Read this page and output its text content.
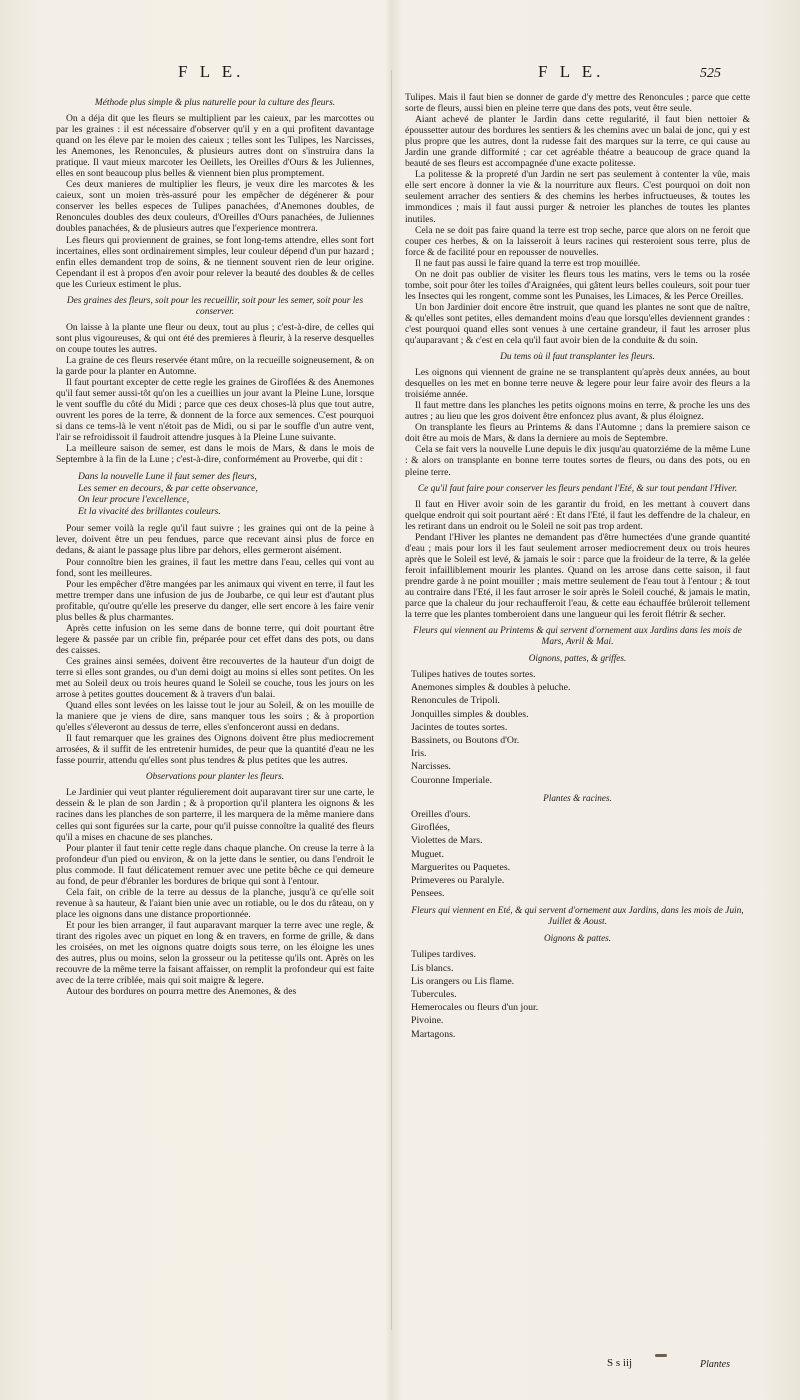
F L E.	F L E.	525
Méthode plus simple & plus naturelle pour la culture des fleurs.

On a déja dit que les fleurs se multiplient par les caieux, par les marcottes ou par les graines : il est nécessaire d'observer qu'il y en a qui profitent davantage quand on les éleve par le moien des caieux ; telles sont les Tulipes, les Narcisses, les Anemones, les Renoncules, & plusieurs autres dont on s'instruira dans la pratique. Il vaut mieux marcoter les Oeillets, les Oreilles d'Ours & les Juliennes, elles en sont beaucoup plus belles & viennent bien plus promptement.

Ces deux manieres de multiplier les fleurs, je veux dire les marcotes & les caieux, sont un moien très-assuré pour les empêcher de dégénerer & pour conserver les belles especes de Tulipes panachées, d'Anemones doubles, de Renoncules doubles des deux couleurs, d'Oreilles d'Ours panachées, de Juliennes doubles panachées, & de plusieurs autres que l'experience montrera.

Les fleurs qui proviennent de graines, se font long-tems attendre, elles sont fort incertaines, elles sont ordinairement simples, leur couleur dépend d'un pur hazard ; enfin elles demandent trop de soins, & ne tiennent souvent rien de leur origine. Cependant il est à propos d'en avoir pour relever la beauté des doubles & de celles que les Curieux estiment le plus.

Des graines des fleurs, soit pour les recueillir, soit pour les semer, soit pour les conserver.

On laisse à la plante une fleur ou deux, tout au plus ; c'est-à-dire, de celles qui sont plus vigoureuses, & qui ont été des premieres à fleurir, à la reserve desquelles on coupe toutes les autres.

La graine de ces fleurs reservée étant mûre, on la recueille soigneusement, & on la garde pour la planter en Automne.

Il faut pourtant excepter de cette regle les graines de Giroflées & des Anemones qu'il faut semer aussi-tôt qu'on les a cueillies un jour avant la Pleine Lune, lorsque le vent souffle du côté du Midi ; parce que ces deux choses-là plus que tout autre, ouvrent les pores de la terre, & donnent de la force aux semences. C'est pourquoi si dans ce tems-là le vent n'étoit pas de Midi, ou si par le souffle d'un autre vent, l'air se refroidissoit il faudroit attendre jusques à la Pleine Lune suivante.

La meilleure saison de semer, est dans le mois de Mars, & dans le mois de Septembre à la fin de la Lune ; c'est-à-dire, conformément au Proverbe, qui dit :

Dans la nouvelle Lune il faut semer des fleurs,
Les semer en decours, & par cette observance,
On leur procure l'excellence,
Et la vivacité des brillantes couleurs.

Pour semer voilà la regle qu'il faut suivre ; les graines qui ont de la peine à lever, doivent être un peu fendues, parce que recevant ainsi plus de force en dedans, & aiant le passage plus libre par dehors, elles germeront aisément.

Pour connoître bien les graines, il faut les mettre dans l'eau, celles qui vont au fond, sont les meilleures.

Pour les empêcher d'être mangées par les animaux qui vivent en terre, il faut les mettre tremper dans une infusion de jus de Joubarbe, ce qui leur est d'autant plus profitable, qu'outre qu'elle les preserve du danger, elle sert encore à les faire venir plus belles & plus charmantes.

Après cette infusion on les seme dans de bonne terre, qui doit pourtant être legere & passée par un crible fin, préparée pour cet effet dans des pots, ou dans des caisses.

Ces graines ainsi semées, doivent être recouvertes de la hauteur d'un doigt de terre si elles sont grandes, ou d'un demi doigt au moins si elles sont petites. On les met au Soleil deux ou trois heures quand le Soleil se couche, tous les jours on les arrose à petites gouttes doucement & à travers d'un balai.

Quand elles sont levées on les laisse tout le jour au Soleil, & on les mouille de la maniere que je viens de dire, sans manquer tous les soirs ; & à proportion qu'elles s'éleveront au dessus de terre, elles s'enfonceront aussi en dedans.

Il faut remarquer que les graines des Oignons doivent être plus mediocrement arrosées, & il suffit de les entretenir humides, de peur que la quantité d'eau ne les fasse pourrir, attendu qu'elles sont plus tendres & plus petites que les autres.

Observations pour planter les fleurs.

Le Jardinier qui veut planter régulierement doit auparavant tirer sur une carte, le dessein & le plan de son Jardin ; & à proportion qu'il plantera les oignons & les racines dans les planches de son parterre, il les marquera de la même maniere dans celles qui sont figurées sur la carte, pour qu'il puisse connoître la qualité des fleurs qu'il a mises en chacune de ses planches.

Pour planter il faut tenir cette regle dans chaque planche. On creuse la terre à la profondeur d'un pied ou environ, & on la jette dans le sentier, ou dans l'endroit le plus commode. Il faut délicatement remuer avec une petite bêche ce qui demeure au fond, de peur d'ébranler les bordures de brique qui sont à l'entour.

Cela fait, on crible de la terre au dessus de la planche, jusqu'à ce qu'elle soit revenue à sa hauteur, & l'aiant bien unie avec un rotiable, ou le dos du râteau, on y place les oignons dans une distance proportionnée.

Et pour les bien arranger, il faut auparavant marquer la terre avec une regle, & tirant des rigoles avec un piquet en long & en travers, en forme de grille, & dans les croisées, on met les oignons quatre doigts sous terre, on les éloigne les unes des autres, plus ou moins, selon la grosseur ou la petitesse qu'ils ont. Après on les recouvre de la même terre la faisant affaisser, on remplit la profondeur qui est faite avec de la terre criblée, mais qui soit maigre & legere.

Autour des bordures on pourra mettre des Anemones, & des

Tulipes. Mais il faut bien se donner de garde d'y mettre des Renoncules ; parce que cette sorte de fleurs, aussi bien en pleine terre que dans des pots, veut être seule.

Aiant achevé de planter le Jardin dans cette regularité, il faut bien nettoier & époussetter autour des bordures les sentiers & les chemins avec un balai de jonc, qui y est plus propre que les autres, dont la rudesse fait des marques sur la terre, ce qui cause au Jardin une grande difformité ; car cet agréable théatre a beaucoup de grace quand la beauté de ses fleurs est accompagnée d'une exacte politesse.

La politesse & la propreté d'un Jardin ne sert pas seulement à contenter la vûe, mais elle sert encore à donner la vie & la nourriture aux fleurs. C'est pourquoi on doit non seulement arracher des sentiers & des chemins les herbes infructueuses, & toutes les immondices ; mais il faut aussi purger & netroier les planches de toutes les plantes inutiles.

Cela ne se doit pas faire quand la terre est trop seche, parce que alors on ne feroit que couper ces herbes, & on la laisseroit à leurs racines qui resteroient sous terre, plus de force & de facilité pour en repousser de nouvelles.

Il ne faut pas aussi le faire quand la terre est trop mouillée.

On ne doit pas oublier de visiter les fleurs tous les matins, vers le tems ou la rosée tombe, soit pour ôter les toiles d'Araignées, qui gâtent leurs belles couleurs, soit pour tuer les Insectes qui les rongent, comme sont les Punaises, les Limaces, & les Perce Oreilles.

Un bon Jardinier doit encore être instruit, que quand les plantes ne sont que de naître, & qu'elles sont petites, elles demandent moins d'eau que lorsqu'elles deviennent grandes : c'est pourquoi quand elles sont venues à une certaine grandeur, il faut les arroser plus qu'auparavant ; & c'est en cela qu'il faut avoir bien de la conduite & du soin.

Du tems où il faut transplanter les fleurs.

Les oignons qui viennent de graine ne se transplantent qu'après deux années, au bout desquelles on les met en bonne terre neuve & legere pour leur faire avoir des fleurs a la troisiéme année.

Il faut mettre dans les planches les petits oignons moins en terre, & proche les uns des autres ; au lieu que les gros doivent être enfoncez plus avant, & plus éloignez.

On transplante les fleurs au Printems & dans l'Automne ; dans la premiere saison ce doit être au mois de Mars, & dans la derniere au mois de Septembre.

Cela se fait vers la nouvelle Lune depuis le dix jusqu'au quatorziéme de la même Lune : & alors on transplante en bonne terre toutes sortes de fleurs, ou dans des pots, ou en pleine terre.

Ce qu'il faut faire pour conserver les fleurs pendant l'Eté, & sur tout pendant l'Hiver.

Il faut en Hiver avoir soin de les garantir du froid, en les mettant à couvert dans quelque endroit qui soit pourtant aëré : Et dans l'Eté, il faut les deffendre de la chaleur, en les retirant dans un endroit ou le Soleil ne soit pas trop ardent.

Pendant l'Hiver les plantes ne demandent pas d'être humectées d'une grande quantité d'eau ; mais pour lors il les faut seulement arroser mediocrement deux ou trois heures après que le Soleil est levé, & jamais le soir : parce que la froideur de la terre, & la gelée feroit infailliblement mourir les plantes. Quand on les arrose dans cette saison, il faut prendre garde à ne point mouiller ; mais mettre seulement de l'eau tout à l'entour ; & tout au contraire dans l'Eté, il les faut arroser le soir après le Soleil couché, & jamais le matin, parce que la chaleur du jour rechaufferoit l'eau, & cette eau échauffée brûleroit tellement la terre que les plantes tomberoient dans une langueur qui les feroit flétrir & secher.

Fleurs qui viennent au Printems & qui servent d'ornement aux Jardins dans les mois de Mars, Avril & Mai.
Oignons, pattes, & griffes.
Tulipes hatives de toutes sortes.
Anemones simples & doubles à peluche.
Renoncules de Tripoli.
Jonquilles simples & doubles.
Jacintes de toutes sortes.
Bassinets, ou Boutons d'Or.
Iris.
Narcisses.
Couronne Imperiale.
Plantes & racines.
Oreilles d'ours.
Giroflées,
Violettes de Mars.
Muguet.
Marguerites ou Paquetes.
Primeveres ou Paralyle.
Pensees.
Fleurs qui viennent en Eté, & qui servent d'ornement aux Jardins, dans les mois de Juin, Juillet & Aoust.
Oignons & pattes.
Tulipes tardives.
Lis blancs.
Lis orangers ou Lis flame.
Tubercules.
Hemerocales ou fleurs d'un jour.
Pivoine.
Martagons.
S s iij	Plantes
